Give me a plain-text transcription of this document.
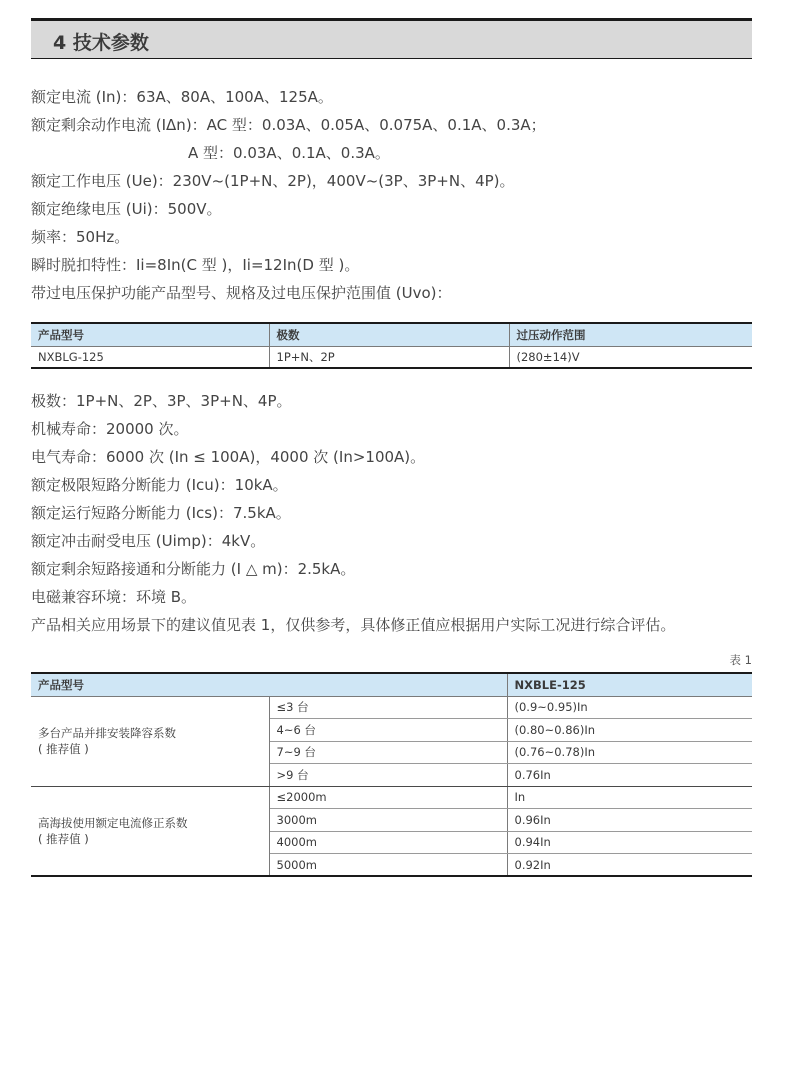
4 技术参数
额定电流 (In)：63A、80A、100A、125A。
额定剩余动作电流 (IΔn)：AC 型：0.03A、0.05A、0.075A、0.1A、0.3A；
A 型：0.03A、0.1A、0.3A。
额定工作电压 (Ue)：230V~(1P+N、2P)，400V~(3P、3P+N、4P)。
额定绝缘电压 (Ui)：500V。
频率：50Hz。
瞬时脱扣特性：Ii=8In(C 型 )，Ii=12In(D 型 )。
带过电压保护功能产品型号、规格及过电压保护范围值 (Uvo)：
产品型号	极数	过压动作范围
NXBLG-125	1P+N、2P	(280±14)V
极数：1P+N、2P、3P、3P+N、4P。
机械寿命：20000 次。
电气寿命：6000 次 (In ≤ 100A)，4000 次 (In>100A)。
额定极限短路分断能力 (Icu)：10kA。
额定运行短路分断能力 (Ics)：7.5kA。
额定冲击耐受电压 (Uimp)：4kV。
额定剩余短路接通和分断能力 (I △ m)：2.5kA。
电磁兼容环境：环境 B。
产品相关应用场景下的建议值见表 1，仅供参考，具体修正值应根据用户实际工况进行综合评估。
表 1
产品型号		NXBLE-125

多台产品并排安装降容系数
( 推荐值 )	≤3 台	(0.9~0.95)In
	4~6 台	(0.80~0.86)In
	7~9 台	(0.76~0.78)In
	>9 台	0.76In

高海拔使用额定电流修正系数
( 推荐值 )	≤2000m	In
	3000m	0.96In
	4000m	0.94In
	5000m	0.92In
